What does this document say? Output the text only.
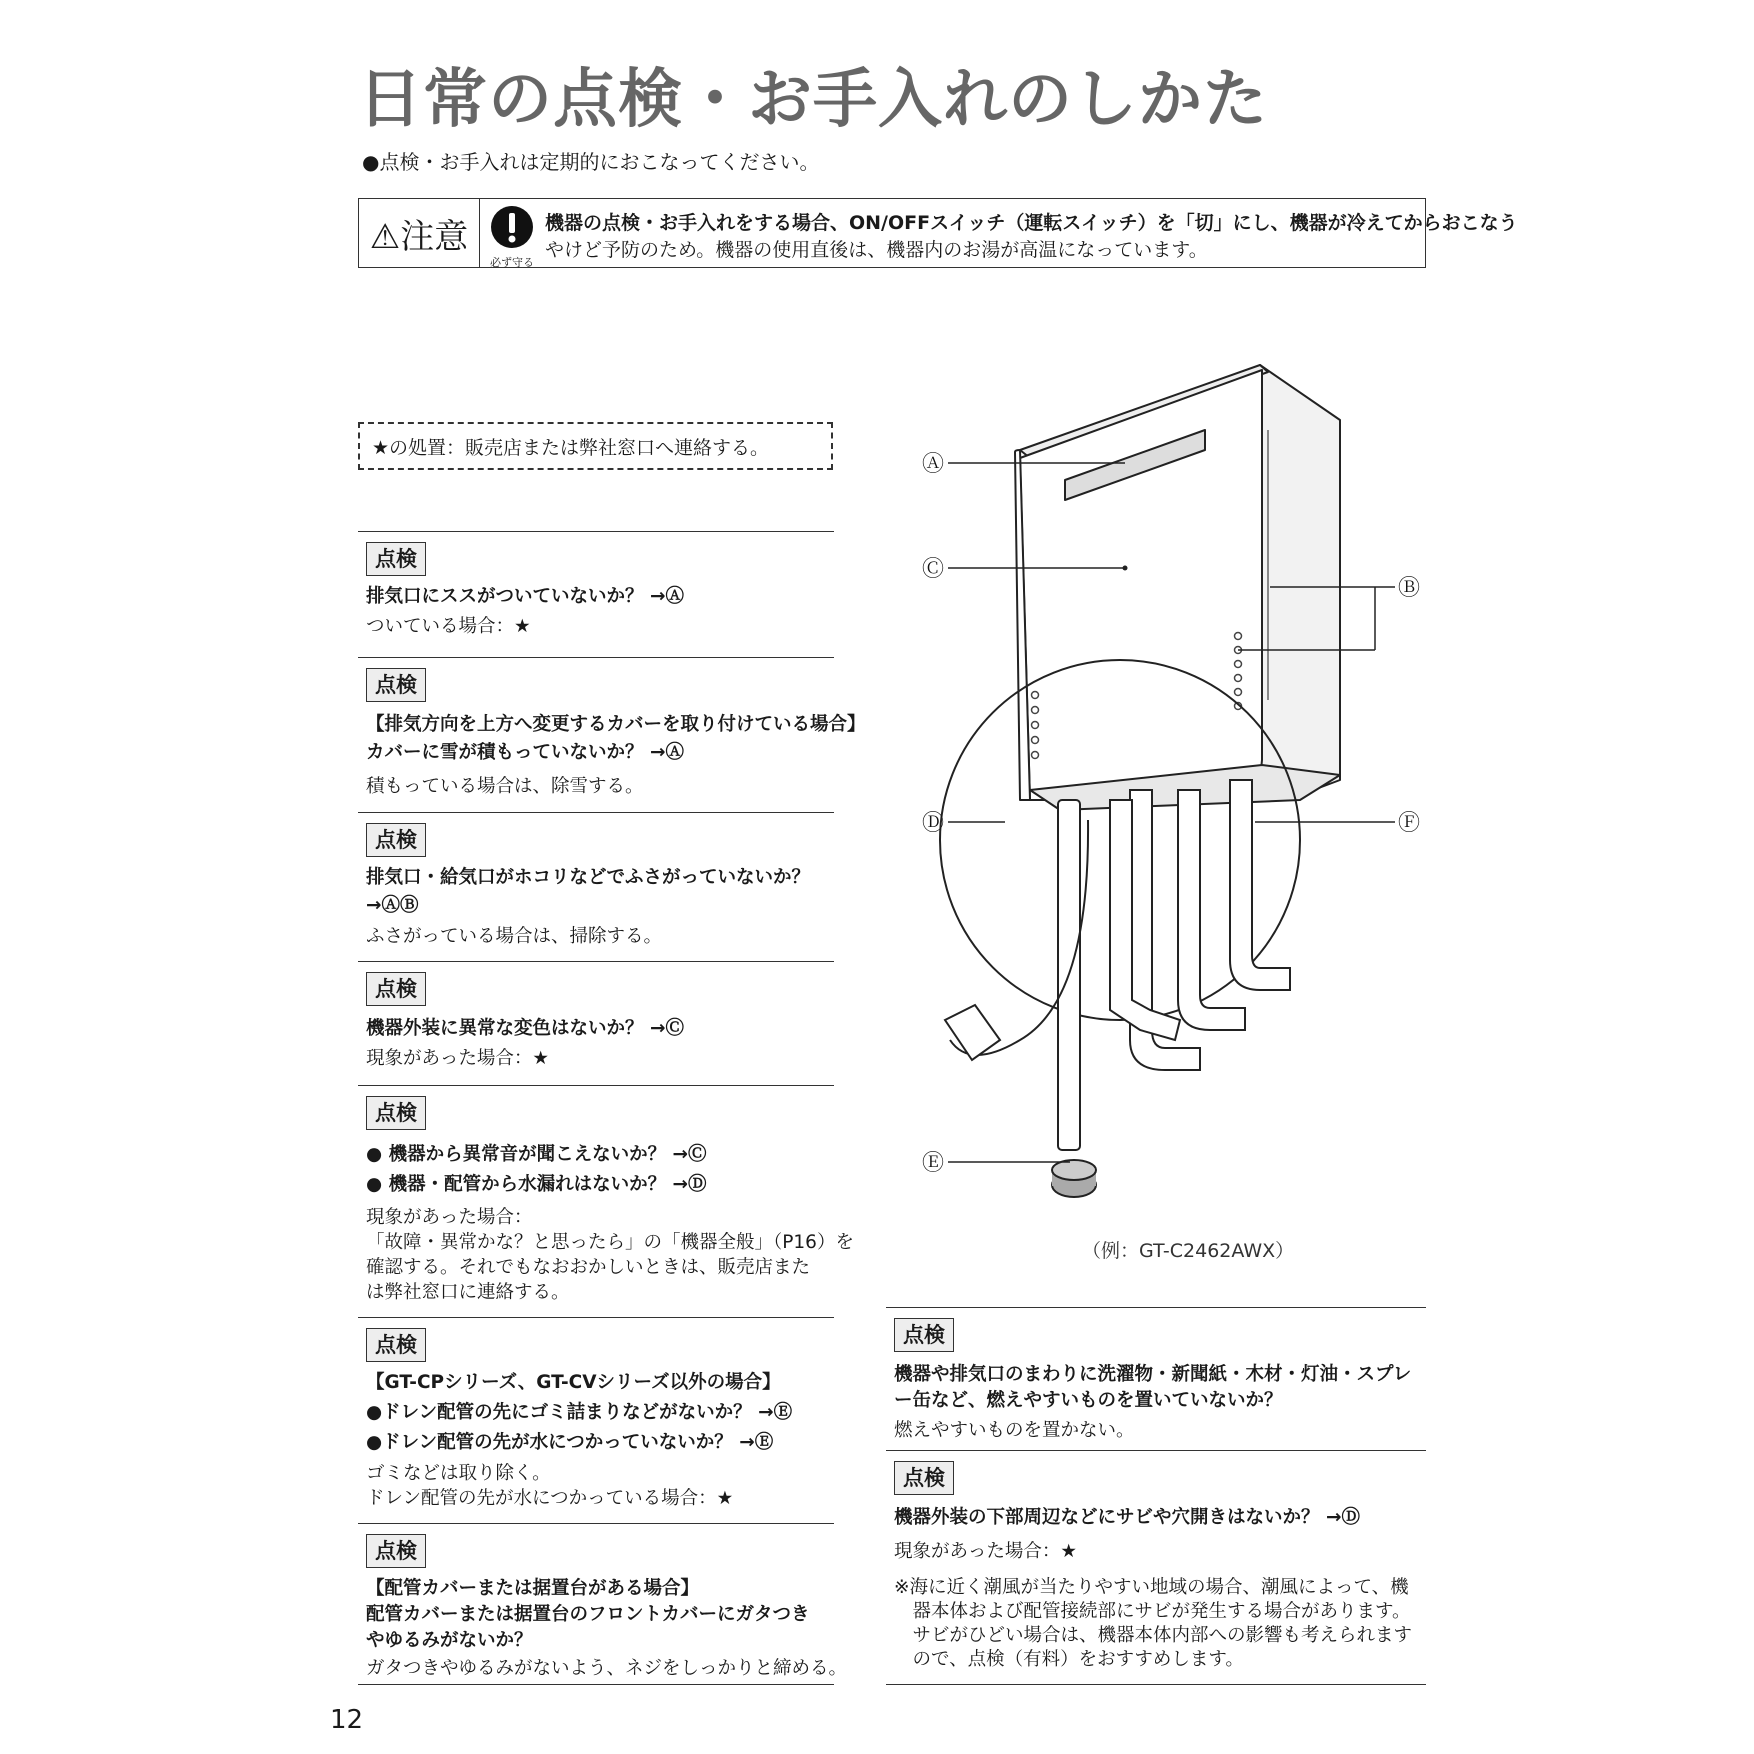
日常の点検・お手入れのしかた
●点検・お手入れは定期的におこなってください。
⚠注意
必ず守る
機器の点検・お手入れをする場合、ON/OFFスイッチ（運転スイッチ）を「切」にし、機器が冷えてからおこなう
やけど予防のため。機器の使用直後は、機器内のお湯が高温になっています。
★の処置：販売店または弊社窓口へ連絡する。
点検
排気口にススがついていないか？ →Ⓐ
ついている場合：★
点検
【排気方向を上方へ変更するカバーを取り付けている場合】
カバーに雪が積もっていないか？ →Ⓐ
積もっている場合は、除雪する。
点検
排気口・給気口がホコリなどでふさがっていないか？
→ⒶⒷ
ふさがっている場合は、掃除する。
点検
機器外装に異常な変色はないか？ →Ⓒ
現象があった場合：★
点検
● 機器から異常音が聞こえないか？ →Ⓒ
● 機器・配管から水漏れはないか？ →Ⓓ
現象があった場合：
「故障・異常かな？と思ったら」の「機器全般」（P16）を
確認する。それでもなおおかしいときは、販売店また
は弊社窓口に連絡する。
点検
【GT-CPシリーズ、GT-CVシリーズ以外の場合】
●ドレン配管の先にゴミ詰まりなどがないか？ →Ⓔ
●ドレン配管の先が水につかっていないか？ →Ⓔ
ゴミなどは取り除く。
ドレン配管の先が水につかっている場合：★
点検
【配管カバーまたは据置台がある場合】
配管カバーまたは据置台のフロントカバーにガタつき
やゆるみがないか？
ガタつきやゆるみがないよう、ネジをしっかりと締める。
Ⓐ
Ⓒ
Ⓑ
Ⓓ	Ⓕ
Ⓔ
（例：GT-C2462AWX）
点検
機器や排気口のまわりに洗濯物・新聞紙・木材・灯油・スプレ
ー缶など、燃えやすいものを置いていないか？
燃えやすいものを置かない。
点検
機器外装の下部周辺などにサビや穴開きはないか？ →Ⓓ
現象があった場合：★
※海に近く潮風が当たりやすい地域の場合、潮風によって、機
　器本体および配管接続部にサビが発生する場合があります。
　サビがひどい場合は、機器本体内部への影響も考えられます
　ので、点検（有料）をおすすめします。
12
